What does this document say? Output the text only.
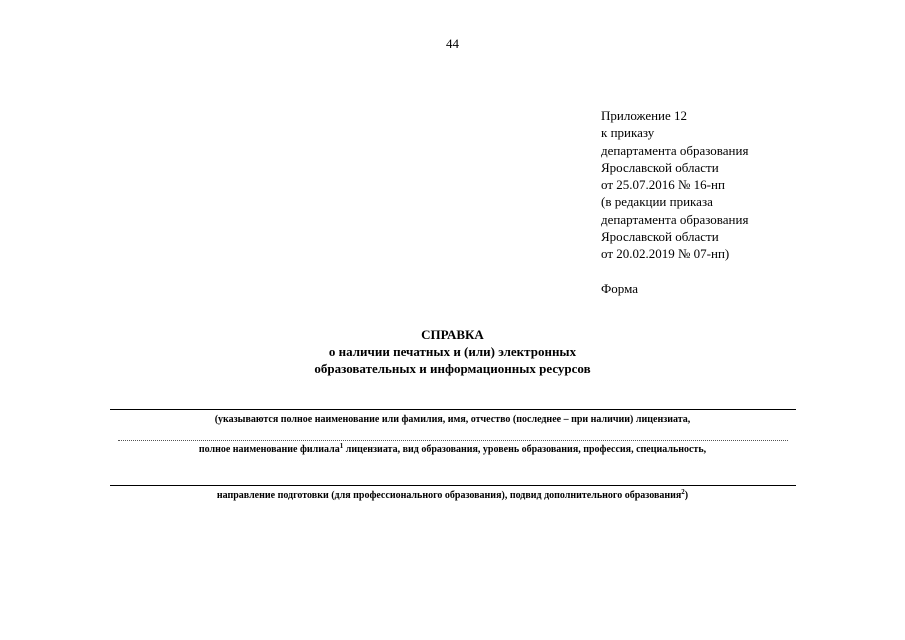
44
Приложение 12
к приказу
департамента образования
Ярославской области
от 25.07.2016 № 16-нп
(в редакции приказа
департамента образования
Ярославской области
от 20.02.2019 № 07-нп)
Форма
СПРАВКА
о наличии печатных и (или) электронных
образовательных и информационных ресурсов
(указываются полное наименование или фамилия, имя, отчество (последнее – при наличии) лицензиата,
полное наименование филиала$^1$ лицензиата, вид образования, уровень образования, профессия, специальность,
направление подготовки (для профессионального образования), подвид дополнительного образования$^2$)
